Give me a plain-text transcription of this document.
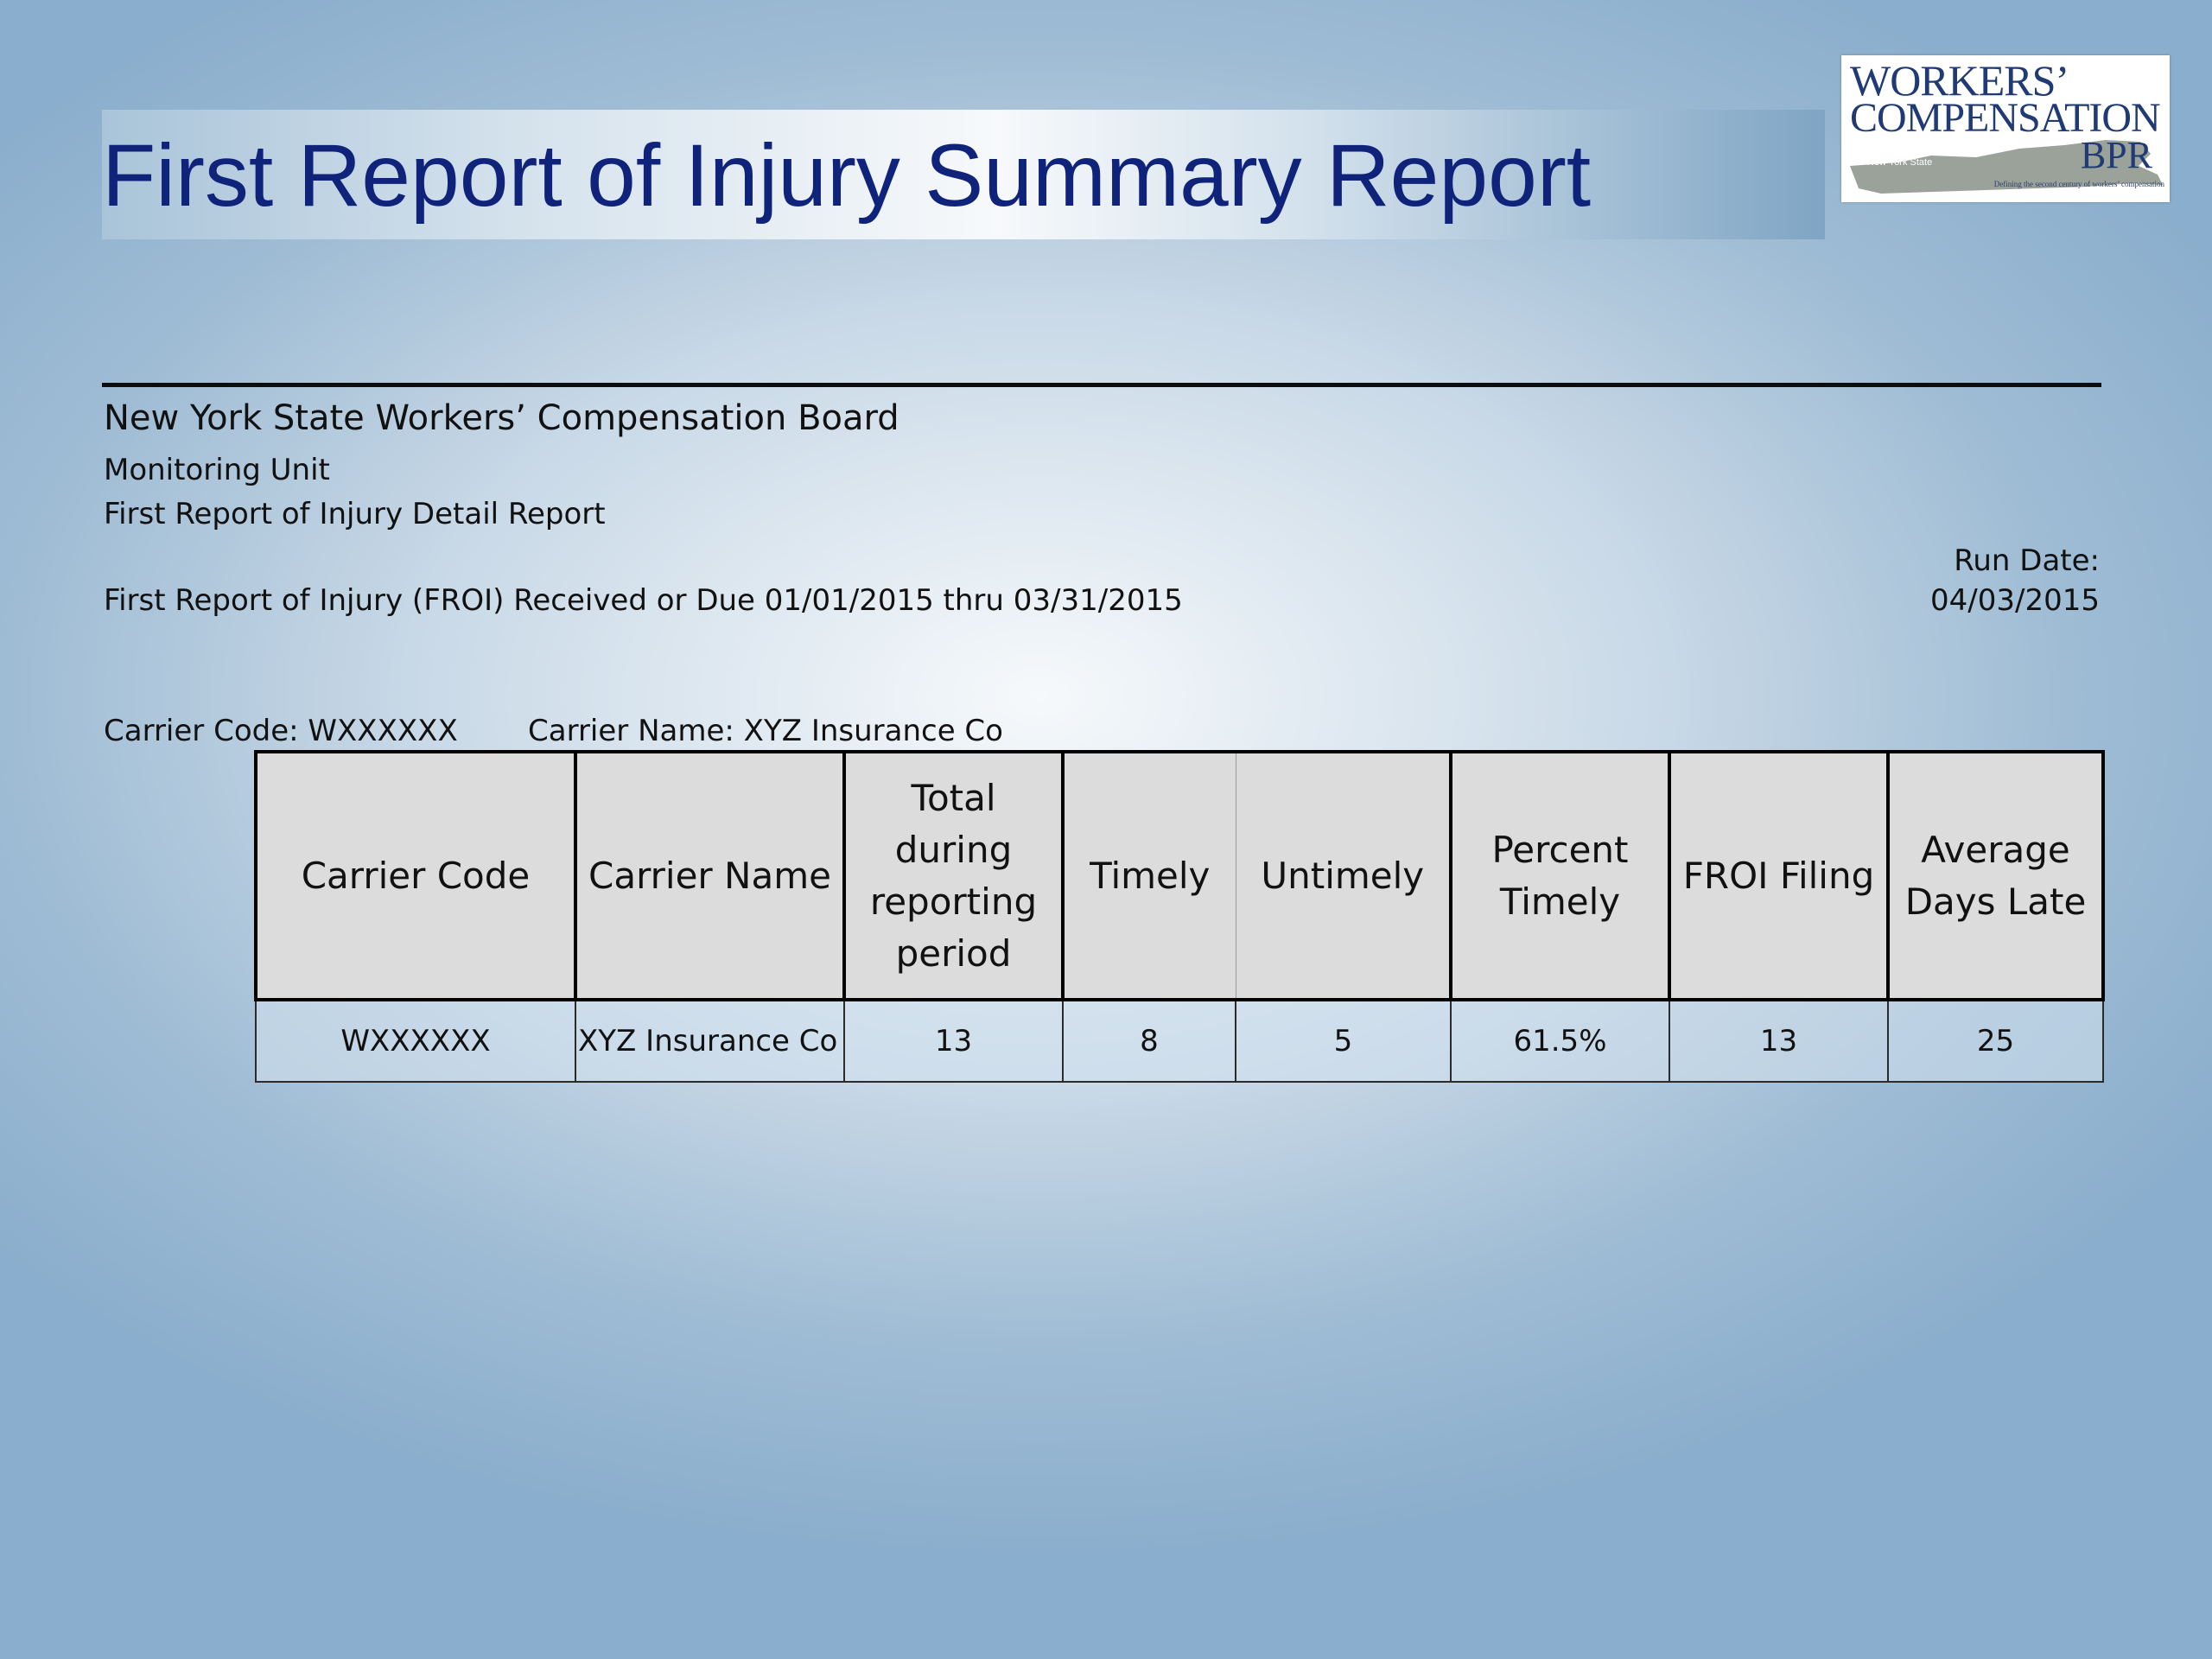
First Report of Injury Summary Report
WORKERS’
COMPENSATION
New York State	BPR
Defining the second century of workers’ compensation
New York State Workers’ Compensation Board
Monitoring Unit
First Report of Injury Detail Report
First Report of Injury (FROI) Received or Due 01/01/2015 thru 03/31/2015
Run Date:
04/03/2015
Carrier Code: WXXXXXX Carrier Name: XYZ Insurance Co
Carrier Code	Carrier Name	Total during reporting period	Timely	Untimely	Percent Timely	FROI Filing	Average Days Late
WXXXXXX	XYZ Insurance Co	13	8	5	61.5%	13	25
